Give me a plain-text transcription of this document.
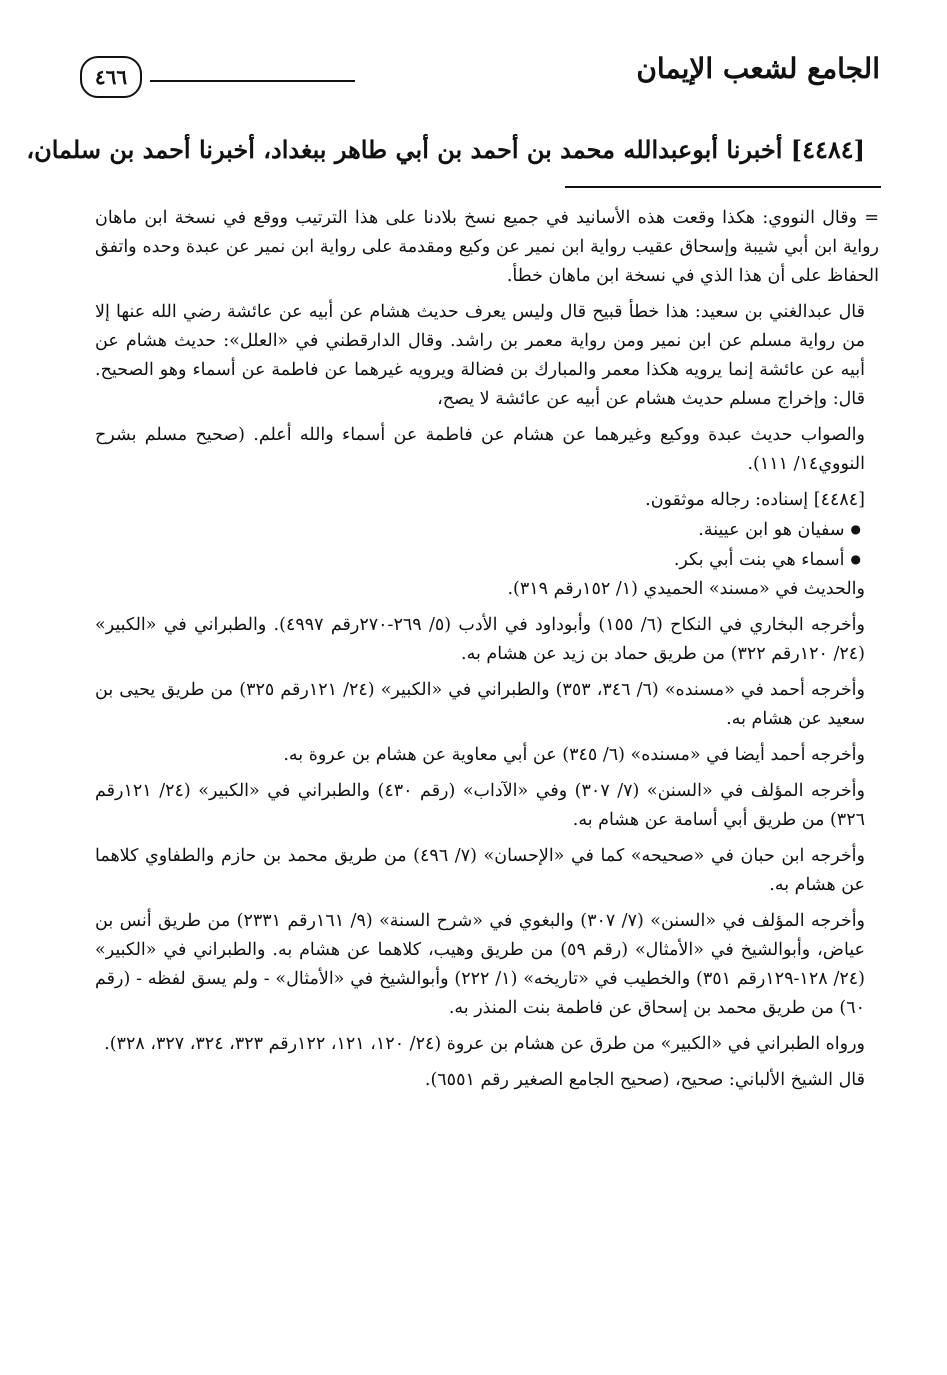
٤٦٦	الجامع لشعب الإيمان
[٤٤٨٤] أخبرنا أبوعبدالله محمد بن أحمد بن أبي طاهر ببغداد، أخبرنا أحمد بن سلمان،

= وقال النووي: هكذا وقعت هذه الأسانيد في جميع نسخ بلادنا على هذا الترتيب ووقع في نسخة ابن ماهان رواية ابن أبي شيبة وإسحاق عقيب رواية ابن نمير عن وكيع ومقدمة على رواية ابن نمير عن عبدة وحده واتفق الحفاظ على أن هذا الذي في نسخة ابن ماهان خطأ.

قال عبدالغني بن سعيد: هذا خطأ قبيح قال وليس يعرف حديث هشام عن أبيه عن عائشة رضي الله عنها إلا من رواية مسلم عن ابن نمير ومن رواية معمر بن راشد. وقال الدارقطني في «العلل»: حديث هشام عن أبيه عن عائشة إنما يرويه هكذا معمر والمبارك بن فضالة ويرويه غيرهما عن فاطمة عن أسماء وهو الصحيح. قال: وإخراج مسلم حديث هشام عن أبيه عن عائشة لا يصح،

والصواب حديث عبدة ووكيع وغيرهما عن هشام عن فاطمة عن أسماء والله أعلم. (صحيح مسلم بشرح النووي١٤/ ١١١).

[٤٤٨٤] إسناده: رجاله موثقون.

● سفيان هو ابن عيينة.

● أسماء هي بنت أبي بكر.

والحديث في «مسند» الحميدي (١/ ١٥٢رقم ٣١٩).

وأخرجه البخاري في النكاح (٦/ ١٥٥) وأبوداود في الأدب (٥/ ٢٦٩-٢٧٠رقم ٤٩٩٧). والطبراني في «الكبير» (٢٤/ ١٢٠رقم ٣٢٢) من طريق حماد بن زيد عن هشام به.

وأخرجه أحمد في «مسنده» (٦/ ٣٤٦، ٣٥٣) والطبراني في «الكبير» (٢٤/ ١٢١رقم ٣٢٥) من طريق يحيى بن سعيد عن هشام به.

وأخرجه أحمد أيضا في «مسنده» (٦/ ٣٤٥) عن أبي معاوية عن هشام بن عروة به.

وأخرجه المؤلف في «السنن» (٧/ ٣٠٧) وفي «الآداب» (رقم ٤٣٠) والطبراني في «الكبير» (٢٤/ ١٢١رقم ٣٢٦) من طريق أبي أسامة عن هشام به.

وأخرجه ابن حبان في «صحيحه» كما في «الإحسان» (٧/ ٤٩٦) من طريق محمد بن حازم والطفاوي كلاهما عن هشام به.

وأخرجه المؤلف في «السنن» (٧/ ٣٠٧) والبغوي في «شرح السنة» (٩/ ١٦١رقم ٢٣٣١) من طريق أنس بن عياض، وأبوالشيخ في «الأمثال» (رقم ٥٩) من طريق وهيب، كلاهما عن هشام به. والطبراني في «الكبير» (٢٤/ ١٢٨-١٢٩رقم ٣٥١) والخطيب في «تاريخه» (١/ ٢٢٢) وأبوالشيخ في «الأمثال» - ولم يسق لفظه - (رقم ٦٠) من طريق محمد بن إسحاق عن فاطمة بنت المنذر به.

ورواه الطبراني في «الكبير» من طرق عن هشام بن عروة (٢٤/ ١٢٠، ١٢١، ١٢٢رقم ٣٢٣، ٣٢٤، ٣٢٧، ٣٢٨).

قال الشيخ الألباني: صحيح، (صحيح الجامع الصغير رقم ٦٥٥١).
